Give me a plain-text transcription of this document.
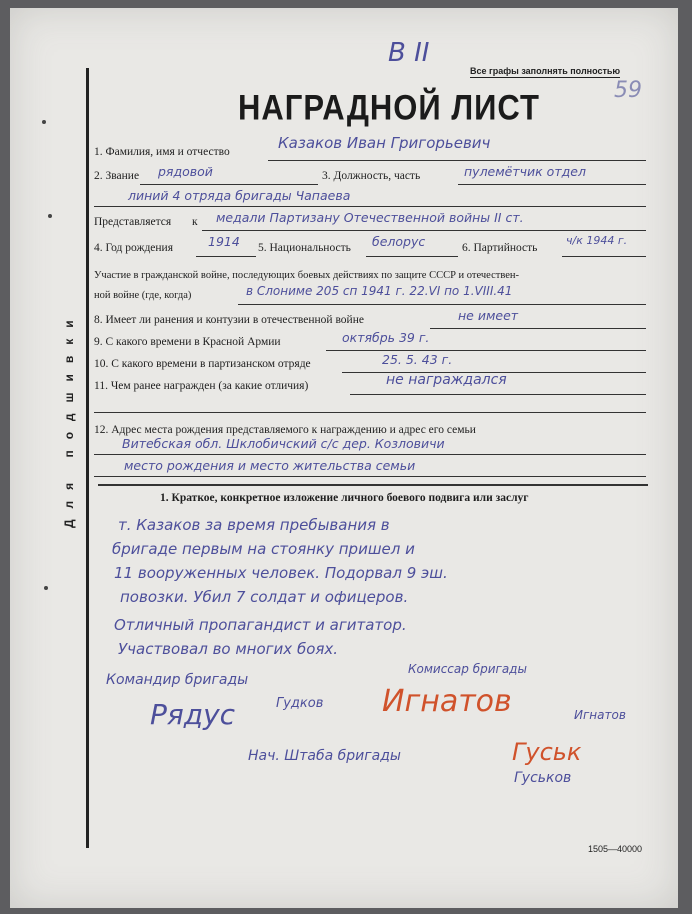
Для подшивки
В II
59
Все графы заполнять полностью
НАГРАДНОЙ ЛИСТ
1. Фамилия, имя и отчество	Казаков Иван Григорьевич
2. Звание рядовой	3. Должность, часть	пулемётчик отдел
линий 4 отряда бригады Чапаева
Представляется к медали Партизану Отечественной войны II ст.
4. Год рождения	1914 5. Национальность белорус	6. Партийность
ч/к 1944 г.
Участие в гражданской войне, последующих боевых действиях по защите СССР и отечествен-
ной войне (где, когда)	в Слониме 205 сп 1941 г. 22.VI по 1.VIII.41
8. Имеет ли ранения и контузии в отечественной войне	не имеет
9. С какого времени в Красной Армии	октябрь 39 г.
10. С какого времени в партизанском отряде	25. 5. 43 г.
11. Чем ранее награжден (за какие отличия)	не награждался
12. Адрес места рождения представляемого к награждению и адрес его семьи
Витебская обл. Шклобичский с/с дер. Козловичи
место рождения и место жительства семьи
1. Краткое, конкретное изложение личного боевого подвига или заслуг
т. Казаков за время пребывания в
бригаде первым на стоянку пришел и
11 вооруженных человек. Подорвал 9 эш.
повозки. Убил 7 солдат и офицеров.
Отличный пропагандист и агитатор.
Участвовал во многих боях.
Командир бригады
Комиссар бригады
Рядус	Гудков Игнатов	Игнатов
Нач. Штаба бригады	Гуськ
Гуськов
1505—40000
